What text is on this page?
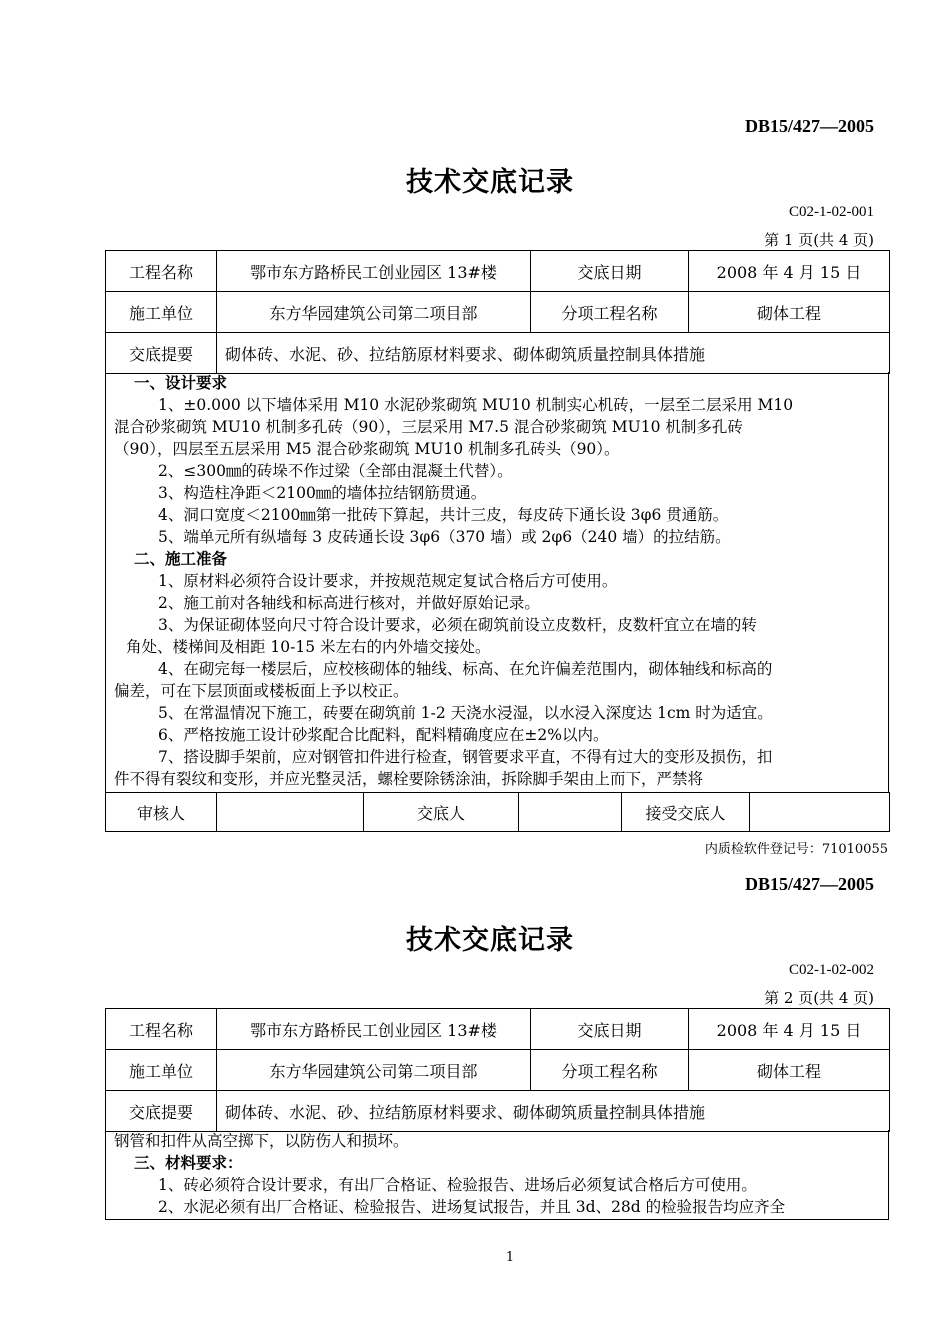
DB15/427—2005
技术交底记录
C02-1-02-001
第 1 页(共 4 页)
工程名称	鄂市东方路桥民工创业园区 13#楼	交底日期	2008 年 4 月 15 日
施工单位	东方华园建筑公司第二项目部	分项工程名称	砌体工程
交底提要	砌体砖、水泥、砂、拉结筋原材料要求、砌体砌筑质量控制具体措施		

一、设计要求

1、±0.000 以下墙体采用 M10 水泥砂浆砌筑 MU10 机制实心机砖，一层至二层采用 M10

混合砂浆砌筑 MU10 机制多孔砖（90），三层采用 M7.5 混合砂浆砌筑 MU10 机制多孔砖

（90），四层至五层采用 M5 混合砂浆砌筑 MU10 机制多孔砖头（90）。

2、≤300㎜的砖垛不作过梁（全部由混凝土代替）。

3、构造柱净距＜2100㎜的墙体拉结钢筋贯通。

4、洞口宽度＜2100㎜第一批砖下算起，共计三皮，每皮砖下通长设 3φ6 贯通筋。

5、端单元所有纵墙每 3 皮砖通长设 3φ6（370 墙）或 2φ6（240 墙）的拉结筋。

二、施工准备

1、原材料必须符合设计要求，并按规范规定复试合格后方可使用。

2、施工前对各轴线和标高进行核对，并做好原始记录。

3、为保证砌体竖向尺寸符合设计要求，必须在砌筑前设立皮数杆，皮数杆宜立在墙的转

角处、楼梯间及相距 10-15 米左右的内外墙交接处。

4、在砌完每一楼层后，应校核砌体的轴线、标高、在允许偏差范围内，砌体轴线和标高的

偏差，可在下层顶面或楼板面上予以校正。

5、在常温情况下施工，砖要在砌筑前 1-2 天浇水浸湿，以水浸入深度达 1cm 时为适宜。

6、严格按施工设计砂浆配合比配料，配料精确度应在±2%以内。

7、搭设脚手架前，应对钢管扣件进行检查，钢管要求平直，不得有过大的变形及损伤，扣

件不得有裂纹和变形，并应光整灵活，螺栓要除锈涂油，拆除脚手架由上而下，严禁将

审核人		交底人		接受交底人	
内质检软件登记号：71010055
DB15/427—2005
技术交底记录
C02-1-02-002
第 2 页(共 4 页)
工程名称	鄂市东方路桥民工创业园区 13#楼	交底日期	2008 年 4 月 15 日
施工单位	东方华园建筑公司第二项目部	分项工程名称	砌体工程
交底提要	砌体砖、水泥、砂、拉结筋原材料要求、砌体砌筑质量控制具体措施		

钢管和扣件从高空掷下，以防伤人和损坏。

三、材料要求：

1、砖必须符合设计要求，有出厂合格证、检验报告、进场后必须复试合格后方可使用。

2、水泥必须有出厂合格证、检验报告、进场复试报告，并且 3d、28d 的检验报告均应齐全

1
